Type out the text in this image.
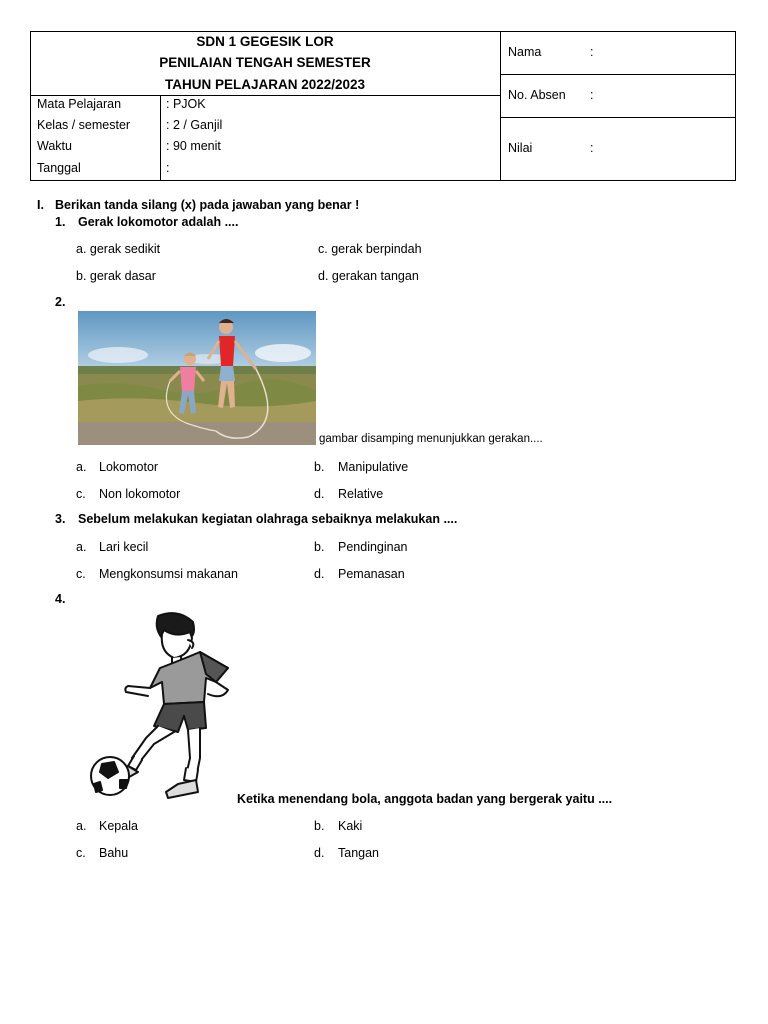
SDN 1 GEGESIK LOR
PENILAIAN TENGAH SEMESTER
TAHUN PELAJARAN 2022/2023
Mata Pelajaran	: PJOK
Kelas / semester	: 2 / Ganjil
Waktu	: 90 menit
Tanggal	:
Nama	:
No. Absen :
Nilai	:
I. Berikan tanda silang (x) pada jawaban yang benar !
1. Gerak lokomotor adalah ....
a. gerak sedikit	c. gerak berpindah
b. gerak dasar	d. gerakan tangan
2.
gambar disamping menunjukkan gerakan....
a. Lokomotor	b. Manipulative
c. Non lokomotor	d. Relative
3. Sebelum melakukan kegiatan olahraga sebaiknya melakukan ....
a. Lari kecil	b. Pendinginan
c. Mengkonsumsi makanan	d. Pemanasan
4.
Ketika menendang bola, anggota badan yang bergerak yaitu ....
a. Kepala	b. Kaki
c. Bahu	d. Tangan
